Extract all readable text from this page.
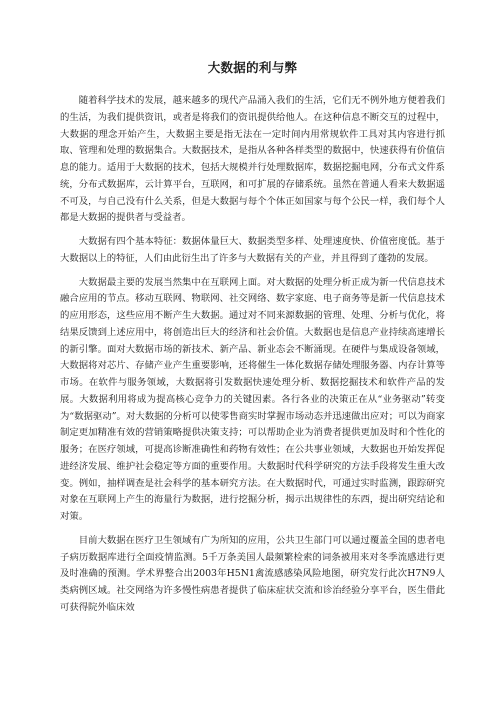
大数据的利与弊

随着科学技术的发展，越来越多的现代产品涌入我们的生活，它们无不例外地方便着我们的生活，为我们提供资讯，或者是将我们的资讯提供给他人。在这种信息不断交互的过程中，大数据的理念开始产生，大数据主要是指无法在一定时间内用常规软件工具对其内容进行抓取、管理和处理的数据集合。大数据技术，是指从各种各样类型的数据中，快速获得有价值信息的能力。适用于大数据的技术，包括大规模并行处理数据库，数据挖掘电网，分布式文件系统，分布式数据库，云计算平台，互联网，和可扩展的存储系统。虽然在普通人看来大数据遥不可及，与自己没有什么关系，但是大数据与每个个体正如国家与每个公民一样，我们每个人都是大数据的提供者与受益者。

大数据有四个基本特征：数据体量巨大、数据类型多样、处理速度快、价值密度低。基于大数据以上的特征，人们由此衍生出了许多与大数据有关的产业，并且得到了蓬勃的发展。

大数据最主要的发展当然集中在互联网上面。对大数据的处理分析正成为新一代信息技术融合应用的节点。移动互联网、物联网、社交网络、数字家庭、电子商务等是新一代信息技术的应用形态，这些应用不断产生大数据。通过对不同来源数据的管理、处理、分析与优化，将结果反馈到上述应用中，将创造出巨大的经济和社会价值。大数据也是信息产业持续高速增长的新引擎。面对大数据市场的新技术、新产品、新业态会不断涌现。在硬件与集成设备领域，大数据将对芯片、存储产业产生重要影响，还将催生一体化数据存储处理服务器、内存计算等市场。在软件与服务领域，大数据将引发数据快速处理分析、数据挖掘技术和软件产品的发展。大数据利用将成为提高核心竞争力的关键因素。各行各业的决策正在从“业务驱动”转变为“数据驱动”。对大数据的分析可以使零售商实时掌握市场动态并迅速做出应对；可以为商家制定更加精准有效的营销策略提供决策支持；可以帮助企业为消费者提供更加及时和个性化的服务；在医疗领域，可提高诊断准确性和药物有效性；在公共事业领域，大数据也开始发挥促进经济发展、维护社会稳定等方面的重要作用。大数据时代科学研究的方法手段将发生重大改变。例如，抽样调查是社会科学的基本研究方法。在大数据时代，可通过实时监测，跟踪研究对象在互联网上产生的海量行为数据，进行挖掘分析，揭示出规律性的东西，提出研究结论和对策。

目前大数据在医疗卫生领域有广为所知的应用，公共卫生部门可以通过覆盖全国的患者电子病历数据库进行全面疫情监测。5千万条美国人最频繁检索的词条被用来对冬季流感进行更及时准确的预测。学术界整合出2003年H5N1禽流感感染风险地图，研究发行此次H7N9人类病例区域。社交网络为许多慢性病患者提供了临床症状交流和诊治经验分享平台，医生借此可获得院外临床效
